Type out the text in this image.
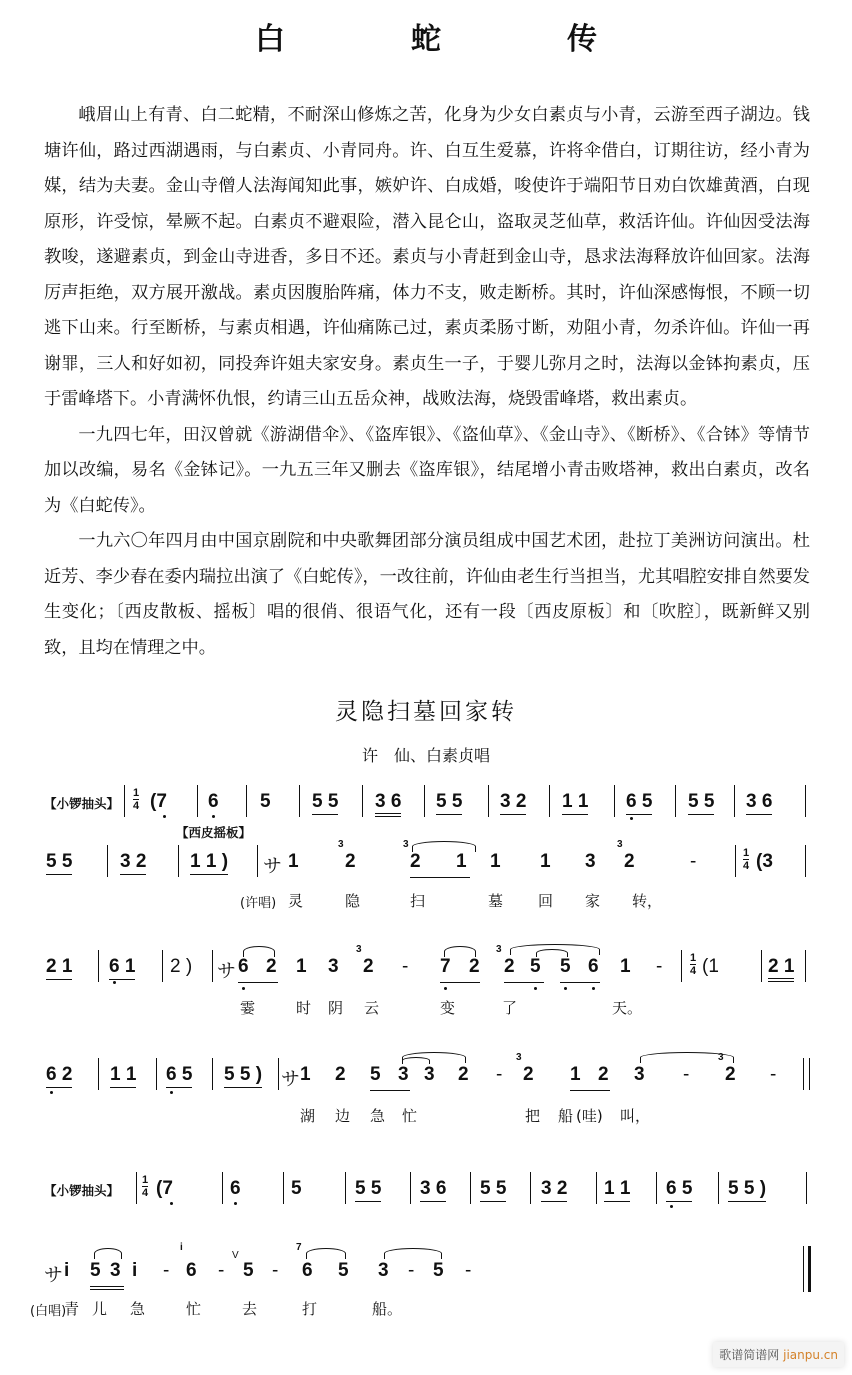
白　蛇　传

峨眉山上有青、白二蛇精，不耐深山修炼之苦，化身为少女白素贞与小青，云游至西子湖边。钱塘许仙，路过西湖遇雨，与白素贞、小青同舟。许、白互生爱慕，许将伞借白，订期往访，经小青为媒，结为夫妻。金山寺僧人法海闻知此事，嫉妒许、白成婚，唆使许于端阳节日劝白饮雄黄酒，白现原形，许受惊，晕厥不起。白素贞不避艰险，潜入昆仑山，盗取灵芝仙草，救活许仙。许仙因受法海教唆，遂避素贞，到金山寺进香，多日不还。素贞与小青赶到金山寺，恳求法海释放许仙回家。法海厉声拒绝，双方展开激战。素贞因腹胎阵痛，体力不支，败走断桥。其时，许仙深感悔恨，不顾一切逃下山来。行至断桥，与素贞相遇，许仙痛陈己过，素贞柔肠寸断，劝阻小青，勿杀许仙。许仙一再谢罪，三人和好如初，同投奔许姐夫家安身。素贞生一子，于婴儿弥月之时，法海以金钵拘素贞，压于雷峰塔下。小青满怀仇恨，约请三山五岳众神，战败法海，烧毁雷峰塔，救出素贞。

一九四七年，田汉曾就《游湖借伞》、《盗库银》、《盗仙草》、《金山寺》、《断桥》、《合钵》等情节加以改编，易名《金钵记》。一九五三年又删去《盗库银》，结尾增小青击败塔神，救出白素贞，改名为《白蛇传》。

一九六〇年四月由中国京剧院和中央歌舞团部分演员组成中国艺术团，赴拉丁美洲访问演出。杜近芳、李少春在委内瑞拉出演了《白蛇传》，一改往前，许仙由老生行当担当，尤其唱腔安排自然要发生变化；〔西皮散板、摇板〕唱的很俏、很语气化，还有一段〔西皮原板〕和〔吹腔〕，既新鲜又别致，且均在情理之中。

灵隐扫墓回家转
许　仙、白素贞唱
【小锣抽头】
1
4 (7 6 5 5 5 3 6 5 5 3 2 1 1 6 5 5 5 3 6
【西皮摇板】
5 5	3 2 1 1 ) サ 1
3
2
3
2 1 1 1 3
3
2	-	1
4 (3
(许唱) 灵	隐	扫	墓 回 家 转，
2 1 6 1 2 ) サ 6 2 1 3
3
2 - 7 2
3
2 5 5 6 1 -	1
4 (1	2 1
霎	时 阴 云	变	了	天。
6 2 1 1 6 5 5 5 ) サ 1 2 5 3 3 2 -
3
2 1 2 3 -
3
2 -
湖 边 急 忙	把 船 (哇) 叫，
【小锣抽头】
1
4 (7	6	5	5 5 3 6 5 5 3 2 1 1 6 5 5 5 )
サ i 5 3 i -
i
6 -
V
5 -
7
6 5 3 - 5 -
(白唱)
青 儿 急	忙	去	打	船。
歌谱简谱网 jianpu.cn
